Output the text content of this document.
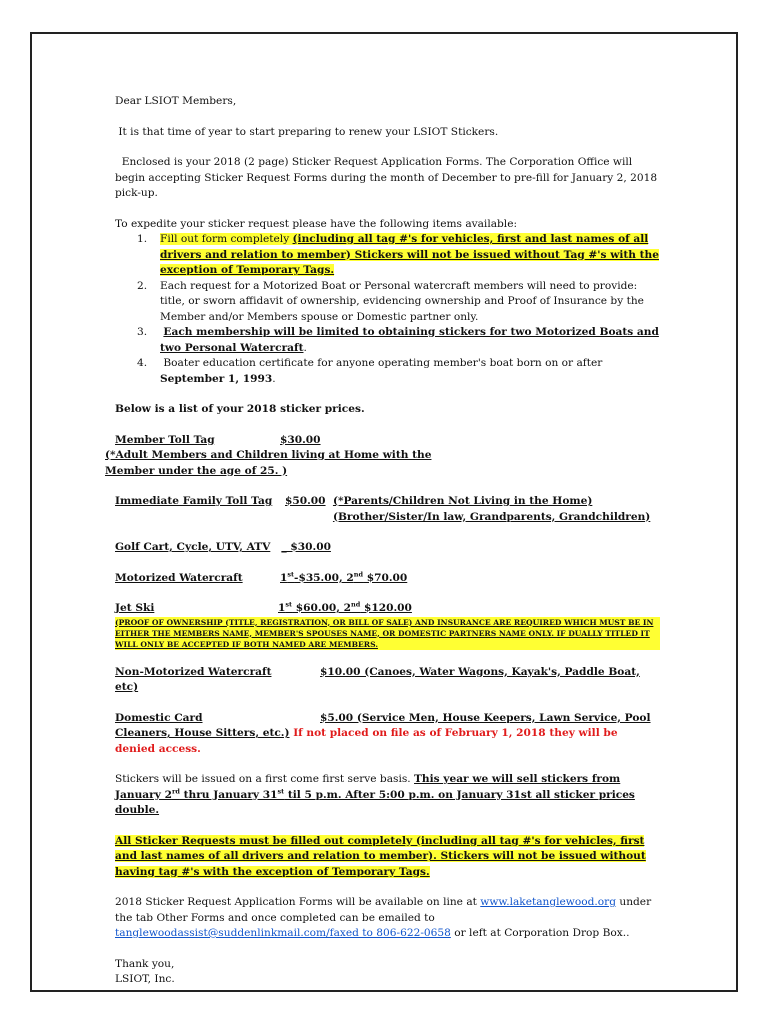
Dear LSIOT Members,

It is that time of year to start preparing to renew your LSIOT Stickers.

Enclosed is your 2018 (2 page) Sticker Request Application Forms. The Corporation Office will begin accepting Sticker Request Forms during the month of December to pre-fill for January 2, 2018 pick-up.

To expedite your sticker request please have the following items available:

1. Fill out form completely (including all tag #'s for vehicles, first and last names of all drivers and relation to member) Stickers will not be issued without Tag #'s with the exception of Temporary Tags.
2. Each request for a Motorized Boat or Personal watercraft members will need to provide: title, or sworn affidavit of ownership, evidencing ownership and Proof of Insurance by the Member and/or Members spouse or Domestic partner only.
3. Each membership will be limited to obtaining stickers for two Motorized Boats and two Personal Watercraft.
4. Boater education certificate for anyone operating member's boat born on or after September 1, 1993.

Below is a list of your 2018 sticker prices.

Member Toll Tag	$30.00  (*Adult Members and Children living at Home with the Member under the age of 25. )
Immediate Family Toll Tag $50.00 (*Parents/Children Not Living in the Home) (Brother/Sister/In law, Grandparents, Grandchildren)
Golf Cart, Cycle, UTV, ATV _ $30.00
Motorized Watercraft	1st-$35.00, 2nd $70.00
Jet Ski	1st $60.00, 2nd $120.00

(PROOF OF OWNERSHIP (TITLE, REGISTRATION, OR BILL OF SALE) AND INSURANCE ARE REQUIRED WHICH MUST BE IN EITHER THE MEMBERS NAME, MEMBER'S SPOUSES NAME, OR DOMESTIC PARTNERS NAME ONLY. IF DUALLY TITLED IT WILL ONLY BE ACCEPTED IF BOTH NAMED ARE MEMBERS.

Non-Motorized Watercraft	$10.00 (Canoes, Water Wagons, Kayak's, Paddle Boat, etc)
Domestic Card	$5.00 (Service Men, House Keepers, Lawn Service, Pool Cleaners, House Sitters, etc.) If not placed on file as of February 1, 2018 they will be denied access.

Stickers will be issued on a first come first serve basis. This year we will sell stickers from January 2rd thru January 31st til 5 p.m. After 5:00 p.m. on January 31st all sticker prices double.

All Sticker Requests must be filled out completely (including all tag #'s for vehicles, first and last names of all drivers and relation to member). Stickers will not be issued without having tag #'s with the exception of Temporary Tags.

2018 Sticker Request Application Forms will be available on line at www.laketanglewood.org under the tab Other Forms and once completed can be emailed to tanglewoodassist@suddenlinkmail.com/faxed to 806-622-0658 or left at Corporation Drop Box..

Thank you,

LSIOT, Inc.
